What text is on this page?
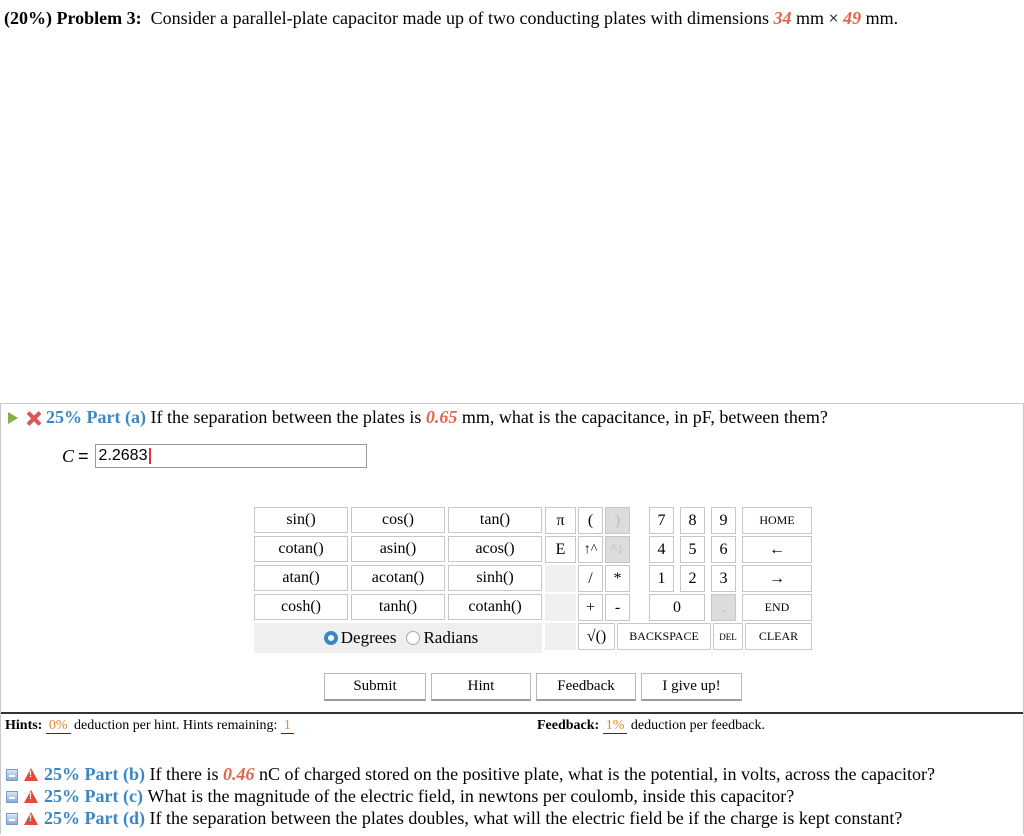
(20%) Problem 3: Consider a parallel-plate capacitor made up of two conducting plates with dimensions 34 mm × 49 mm.
25% Part (a)
If the separation between the plates is
0.65
mm, what is the capacitance, in pF, between them?
C = 2.2683
sin()	cos()	tan()
cotan()	asin()	acos()
atan()	acotan()	sinh()
cosh()	tanh()	cotanh()
Degrees Radians
π	(	)	7	8	9	HOME
E	↑^ ^↓	4	5	6	←
/	*	1	2	3	→
+	-	0	.	END
√()	BACKSPACE	DEL	CLEAR
Submit	Hint	Feedback	I give up!
Hints: 0% deduction per hint. Hints remaining: 1	Feedback: 1% deduction per feedback.
!
25% Part (b)
If there is
0.46
nC of charged stored on the positive plate, what is the potential, in volts, across the capacitor?
!
25% Part (c)
What is the magnitude of the electric field, in newtons per coulomb, inside this capacitor?
!
25% Part (d)
If the separation between the plates doubles, what will the electric field be if the charge is kept constant?
